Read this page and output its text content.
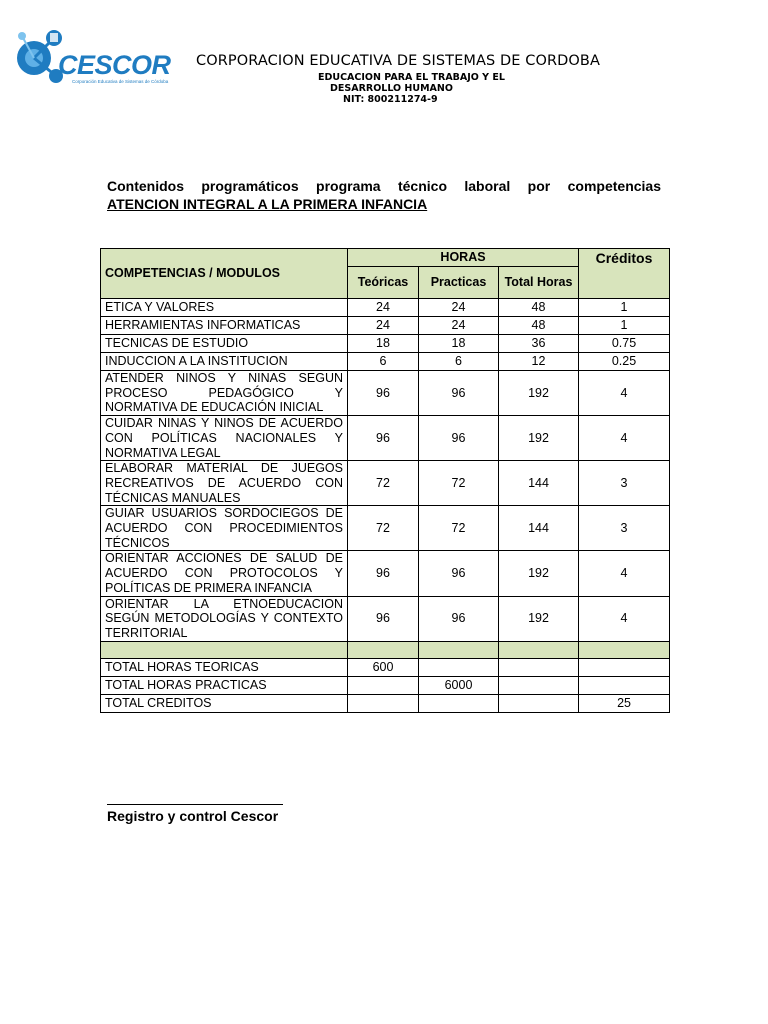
CESCOR
Corporación Educativa de Sistemas de Córdoba
CORPORACION EDUCATIVA DE SISTEMAS DE CORDOBA
EDUCACION PARA EL TRABAJO Y EL
DESARROLLO HUMANO
NIT: 800211274-9
Contenidos programáticos programa técnico laboral por competencias
ATENCION INTEGRAL A LA PRIMERA INFANCIA
COMPETENCIAS / MODULOS	HORAS			Créditos
	Teóricas	Practicas	Total Horas	
ETICA Y VALORES	24	24	48	1
HERRAMIENTAS INFORMATICAS	24	24	48	1
TECNICAS DE ESTUDIO	18	18	36	0.75
INDUCCION A LA INSTITUCION	6	6	12	0.25
ATENDER NINOS Y NINAS SEGUN PROCESO PEDAGÓGICO Y NORMATIVA DE EDUCACIÓN INICIAL	96	96	192	4
CUIDAR NINAS Y NINOS DE ACUERDO CON POLÍTICAS NACIONALES Y NORMATIVA LEGAL	96	96	192	4
ELABORAR MATERIAL DE JUEGOS RECREATIVOS DE ACUERDO CON TÉCNICAS MANUALES	72	72	144	3
GUIAR USUARIOS SORDOCIEGOS DE ACUERDO CON PROCEDIMIENTOS TÉCNICOS	72	72	144	3
ORIENTAR ACCIONES DE SALUD DE ACUERDO CON PROTOCOLOS Y POLÍTICAS DE PRIMERA INFANCIA	96	96	192	4
ORIENTAR LA ETNOEDUCACION SEGÚN METODOLOGÍAS Y CONTEXTO TERRITORIAL	96	96	192	4

TOTAL HORAS TEORICAS	600			
TOTAL HORAS PRACTICAS		6000		
TOTAL CREDITOS				25
Registro y control Cescor
